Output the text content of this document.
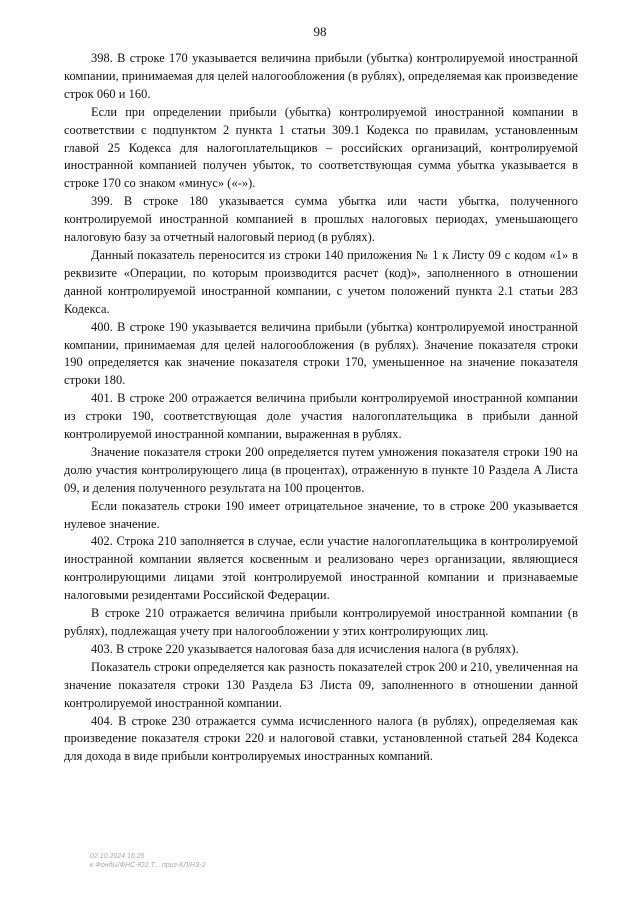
98

398. В строке 170 указывается величина прибыли (убытка) контролируемой иностранной компании, принимаемая для целей налогообложения (в рублях), определяемая как произведение строк 060 и 160.

Если при определении прибыли (убытка) контролируемой иностранной компании в соответствии с подпунктом 2 пункта 1 статьи 309.1 Кодекса по правилам, установленным главой 25 Кодекса для налогоплательщиков – российских организаций, контролируемой иностранной компанией получен убыток, то соответствующая сумма убытка указывается в строке 170 со знаком «минус» («-»).

399. В строке 180 указывается сумма убытка или части убытка, полученного контролируемой иностранной компанией в прошлых налоговых периодах, уменьшающего налоговую базу за отчетный налоговый период (в рублях).

Данный показатель переносится из строки 140 приложения № 1 к Листу 09 с кодом «1» в реквизите «Операции, по которым производится расчет (код)», заполненного в отношении данной контролируемой иностранной компании, с учетом положений пункта 2.1 статьи 283 Кодекса.

400. В строке 190 указывается величина прибыли (убытка) контролируемой иностранной компании, принимаемая для целей налогообложения (в рублях). Значение показателя строки 190 определяется как значение показателя строки 170, уменьшенное на значение показателя строки 180.

401. В строке 200 отражается величина прибыли контролируемой иностранной компании из строки 190, соответствующая доле участия налогоплательщика в прибыли данной контролируемой иностранной компании, выраженная в рублях.

Значение показателя строки 200 определяется путем умножения показателя строки 190 на долю участия контролирующего лица (в процентах), отраженную в пункте 10 Раздела А Листа 09, и деления полученного результата на 100 процентов.

Если показатель строки 190 имеет отрицательное значение, то в строке 200 указывается нулевое значение.

402. Строка 210 заполняется в случае, если участие налогоплательщика в контролируемой иностранной компании является косвенным и реализовано через организации, являющиеся контролирующими лицами этой контролируемой иностранной компании и признаваемые налоговыми резидентами Российской Федерации.

В строке 210 отражается величина прибыли контролируемой иностранной компании (в рублях), подлежащая учету при налогообложении у этих контролирующих лиц.

403. В строке 220 указывается налоговая база для исчисления налога (в рублях).

Показатель строки определяется как разность показателей строк 200 и 210, увеличенная на значение показателя строки 130 Раздела Б3 Листа 09, заполненного в отношении данной контролируемой иностранной компании.

404. В строке 230 отражается сумма исчисленного налога (в рублях), определяемая как произведение показателя строки 220 и налоговой ставки, установленной статьей 284 Кодекса для дохода в виде прибыли контролируемых иностранных компаний.

02.10.2024 16:25
к Фонды/ФНС-Ю2.Т... приз-КЛ/НЗ-2
